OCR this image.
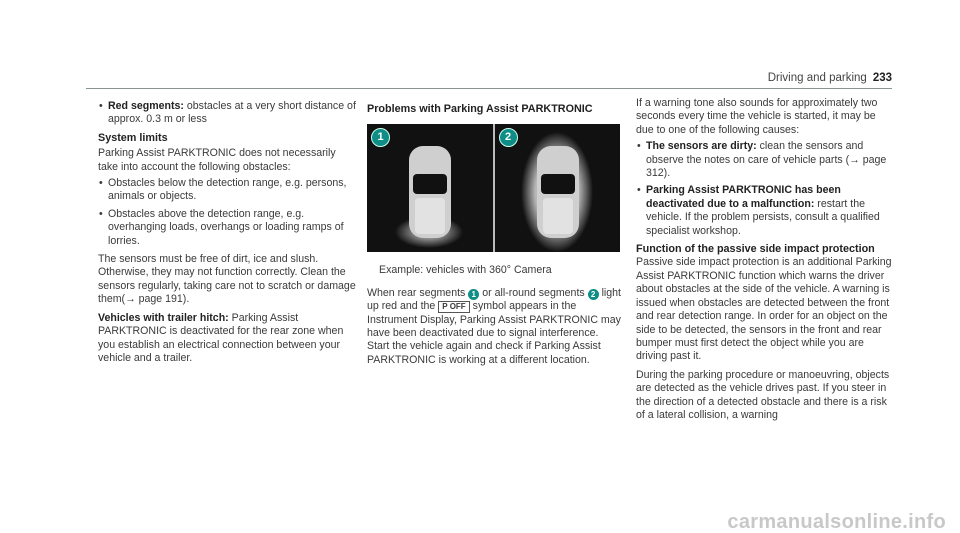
Driving and parking 233
• Red segments: obstacles at a very short distance of approx. 0.3 m or less
System limits

Parking Assist PARKTRONIC does not necessarily take into account the following obstacles:

• Obstacles below the detection range, e.g. persons, animals or objects.
• Obstacles above the detection range, e.g. overhanging loads, overhangs or loading ramps of lorries.

The sensors must be free of dirt, ice and slush. Otherwise, they may not function correctly. Clean the sensors regularly, taking care not to scratch or damage them(→ page 191).

Vehicles with trailer hitch: Parking Assist PARKTRONIC is deactivated for the rear zone when you establish an electrical connection between your vehicle and a trailer.

Problems with Parking Assist PARKTRONIC
1	2

Example: vehicles with 360° Camera

When rear segments 1 or all-round segments 2 light up red and the P OFF symbol appears in the Instrument Display, Parking Assist PARKTRONIC may have been deactivated due to signal interference. Start the vehicle again and check if Parking Assist PARKTRONIC is working at a different location.

If a warning tone also sounds for approximately two seconds every time the vehicle is started, it may be due to one of the following causes:

• The sensors are dirty: clean the sensors and observe the notes on care of vehicle parts (→ page 312).
• Parking Assist PARKTRONIC has been deactivated due to a malfunction: restart the vehicle. If the problem persists, consult a qualified specialist workshop.
Function of the passive side impact protection

Passive side impact protection is an additional Parking Assist PARKTRONIC function which warns the driver about obstacles at the side of the vehicle. A warning is issued when obstacles are detected between the front and rear detection range. In order for an object on the side to be detected, the sensors in the front and rear bumper must first detect the object while you are driving past it.

During the parking procedure or manoeuvring, objects are detected as the vehicle drives past. If you steer in the direction of a detected obstacle and there is a risk of a lateral collision, a warning

carmanualsonline.info
